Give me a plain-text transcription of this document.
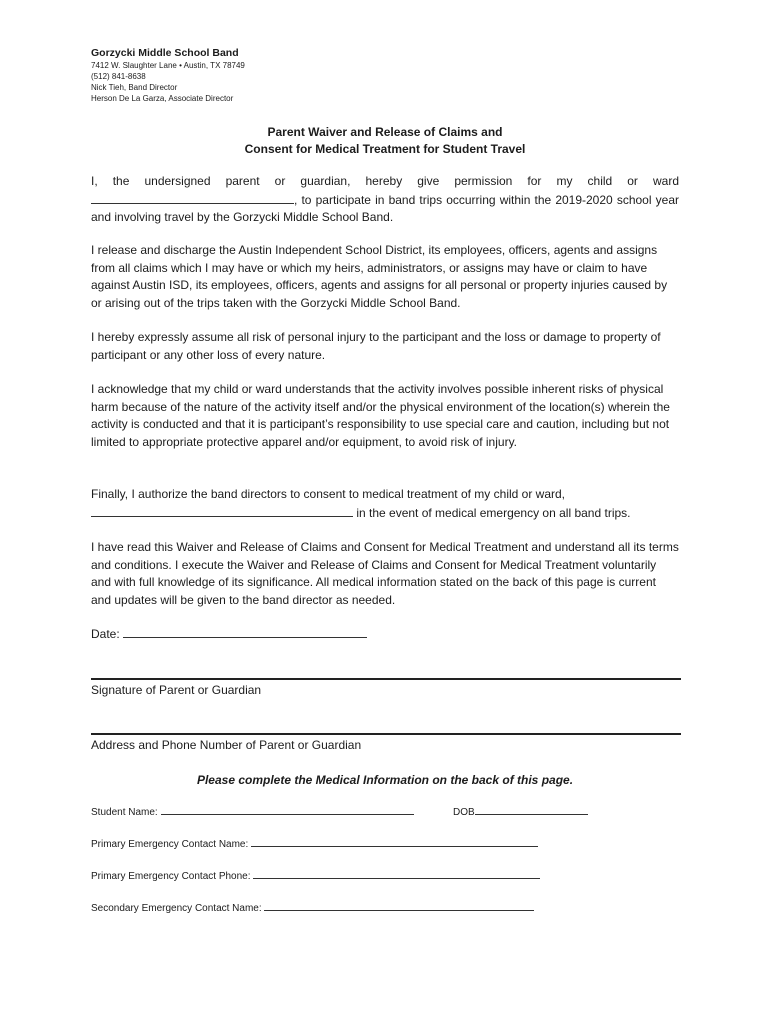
Gorzycki Middle School Band
7412 W. Slaughter Lane • Austin, TX 78749
(512) 841-8638
Nick Tieh, Band Director
Herson De La Garza, Associate Director
Parent Waiver and Release of Claims and
Consent for Medical Treatment for Student Travel

I, the undersigned parent or guardian, hereby give permission for my child or ward , to participate in band trips occurring within the 2019-2020 school year and involving travel by the Gorzycki Middle School Band.

I release and discharge the Austin Independent School District, its employees, officers, agents and assigns from all claims which I may have or which my heirs, administrators, or assigns may have or claim to have against Austin ISD, its employees, officers, agents and assigns for all personal or property injuries caused by or arising out of the trips taken with the Gorzycki Middle School Band.

I hereby expressly assume all risk of personal injury to the participant and the loss or damage to property of participant or any other loss of every nature.

I acknowledge that my child or ward understands that the activity involves possible inherent risks of physical harm because of the nature of the activity itself and/or the physical environment of the location(s) wherein the activity is conducted and that it is participant’s responsibility to use special care and caution, including but not limited to appropriate protective apparel and/or equipment, to avoid risk of injury.

Finally, I authorize the band directors to consent to medical treatment of my child or ward,
in the event of medical emergency on all band trips.

I have read this Waiver and Release of Claims and Consent for Medical Treatment and understand all its terms and conditions. I execute the Waiver and Release of Claims and Consent for Medical Treatment voluntarily and with full knowledge of its significance. All medical information stated on the back of this page is current and updates will be given to the band director as needed.

Date:
Signature of Parent or Guardian
Address and Phone Number of Parent or Guardian
Please complete the Medical Information on the back of this page.
Student Name:	DOB
Primary Emergency Contact Name:
Primary Emergency Contact Phone:
Secondary Emergency Contact Name:
